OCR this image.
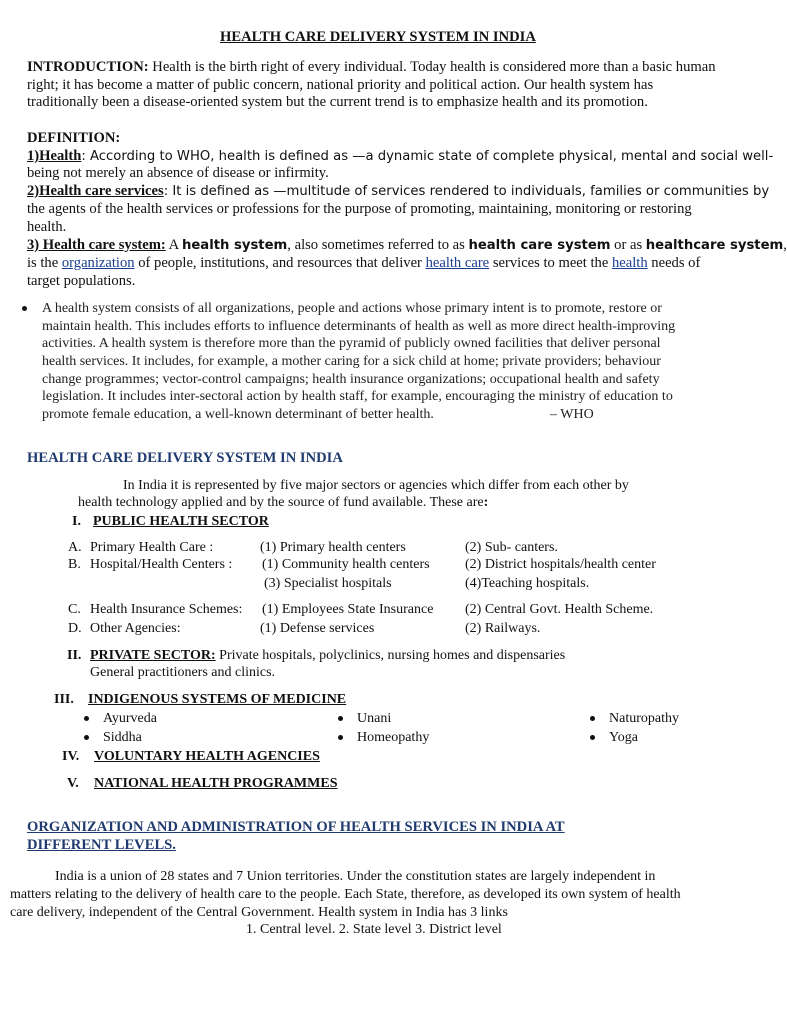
HEALTH CARE DELIVERY SYSTEM IN INDIA
INTRODUCTION: Health is the birth right of every individual. Today health is considered more than a basic human
right; it has become a matter of public concern, national priority and political action. Our health system has
traditionally been a disease-oriented system but the current trend is to emphasize health and its promotion.
DEFINITION:
1)Health: According to WHO, health is defined as —a dynamic state of complete physical, mental and social well-
being not merely an absence of disease or infirmity.
2)Health care services: It is defined as —multitude of services rendered to individuals, families or communities by
the agents of the health services or professions for the purpose of promoting, maintaining, monitoring or restoring
health.
3) Health care system: A health system, also sometimes referred to as health care system or as healthcare system,
is the organization of people, institutions, and resources that deliver health care services to meet the health needs of
target populations.
A health system consists of all organizations, people and actions whose primary intent is to promote, restore or
maintain health. This includes efforts to influence determinants of health as well as more direct health-improving
activities. A health system is therefore more than the pyramid of publicly owned facilities that deliver personal
health services. It includes, for example, a mother caring for a sick child at home; private providers; behaviour
change programmes; vector-control campaigns; health insurance organizations; occupational health and safety
legislation. It includes inter-sectoral action by health staff, for example, encouraging the ministry of education to
promote female education, a well-known determinant of better health.	– WHO
HEALTH CARE DELIVERY SYSTEM IN INDIA
In India it is represented by five major sectors or agencies which differ from each other by
health technology applied and by the source of fund available. These are:
I. PUBLIC HEALTH SECTOR
A. Primary Health Care :	(1) Primary health centers	(2) Sub- canters.
B. Hospital/Health Centers : (1) Community health centers	(2) District hospitals/health center
(3) Specialist hospitals	(4)Teaching hospitals.
C. Health Insurance Schemes: (1) Employees State Insurance (2) Central Govt. Health Scheme.
D. Other Agencies:	(1) Defense services	(2) Railways.
II. PRIVATE SECTOR: Private hospitals, polyclinics, nursing homes and dispensaries
General practitioners and clinics.
III. INDIGENOUS SYSTEMS OF MEDICINE
Ayurveda	Unani	Naturopathy
Siddha	Homeopathy	Yoga
IV. VOLUNTARY HEALTH AGENCIES
V. NATIONAL HEALTH PROGRAMMES
ORGANIZATION AND ADMINISTRATION OF HEALTH SERVICES IN INDIA AT
DIFFERENT LEVELS.
India is a union of 28 states and 7 Union territories. Under the constitution states are largely independent in
matters relating to the delivery of health care to the people. Each State, therefore, as developed its own system of health
care delivery, independent of the Central Government. Health system in India has 3 links
1. Central level. 2. State level 3. District level
